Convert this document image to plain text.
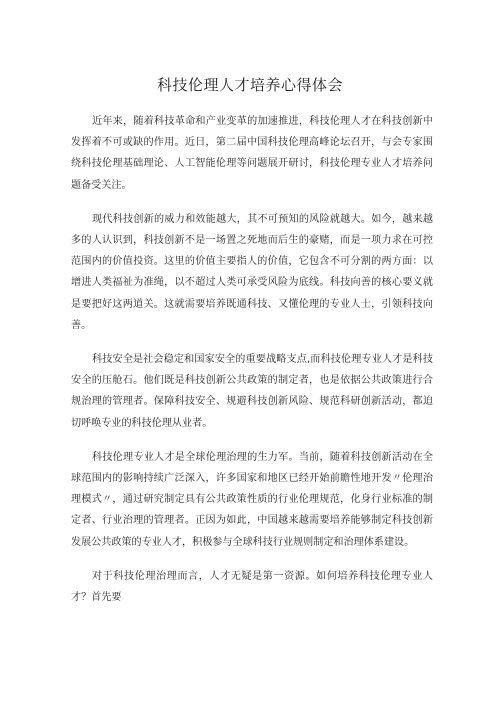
科技伦理人才培养心得体会

近年来，随着科技革命和产业变革的加速推进，科技伦理人才在科技创新中发挥着不可或缺的作用。近日，第二届中国科技伦理高峰论坛召开，与会专家围绕科技伦理基础理论、人工智能伦理等问题展开研讨，科技伦理专业人才培养问题备受关注。

现代科技创新的威力和效能越大，其不可预知的风险就越大。如今，越来越多的人认识到，科技创新不是一场置之死地而后生的豪赌，而是一项力求在可控范围内的价值投资。这里的价值主要指人的价值，它包含不可分割的两方面：以增进人类福祉为准绳，以不超过人类可承受风险为底线。科技向善的核心要义就是要把好这两道关。这就需要培养既通科技、又懂伦理的专业人士，引领科技向善。

科技安全是社会稳定和国家安全的重要战略支点,而科技伦理专业人才是科技安全的压舱石。他们既是科技创新公共政策的制定者，也是依据公共政策进行合规治理的管理者。保障科技安全、规避科技创新风险、规范科研创新活动，都迫切呼唤专业的科技伦理从业者。

科技伦理专业人才是全球伦理治理的生力军。当前，随着科技创新活动在全球范围内的影响持续广泛深入，许多国家和地区已经开始前瞻性地开发〃伦理治理模式〃，通过研究制定具有公共政策性质的行业伦理规范，化身行业标准的制定者、行业治理的管理者。正因为如此，中国越来越需要培养能够制定科技创新发展公共政策的专业人才，积极参与全球科技行业规则制定和治理体系建设。

对于科技伦理治理而言，人才无疑是第一资源。如何培养科技伦理专业人才？首先要
